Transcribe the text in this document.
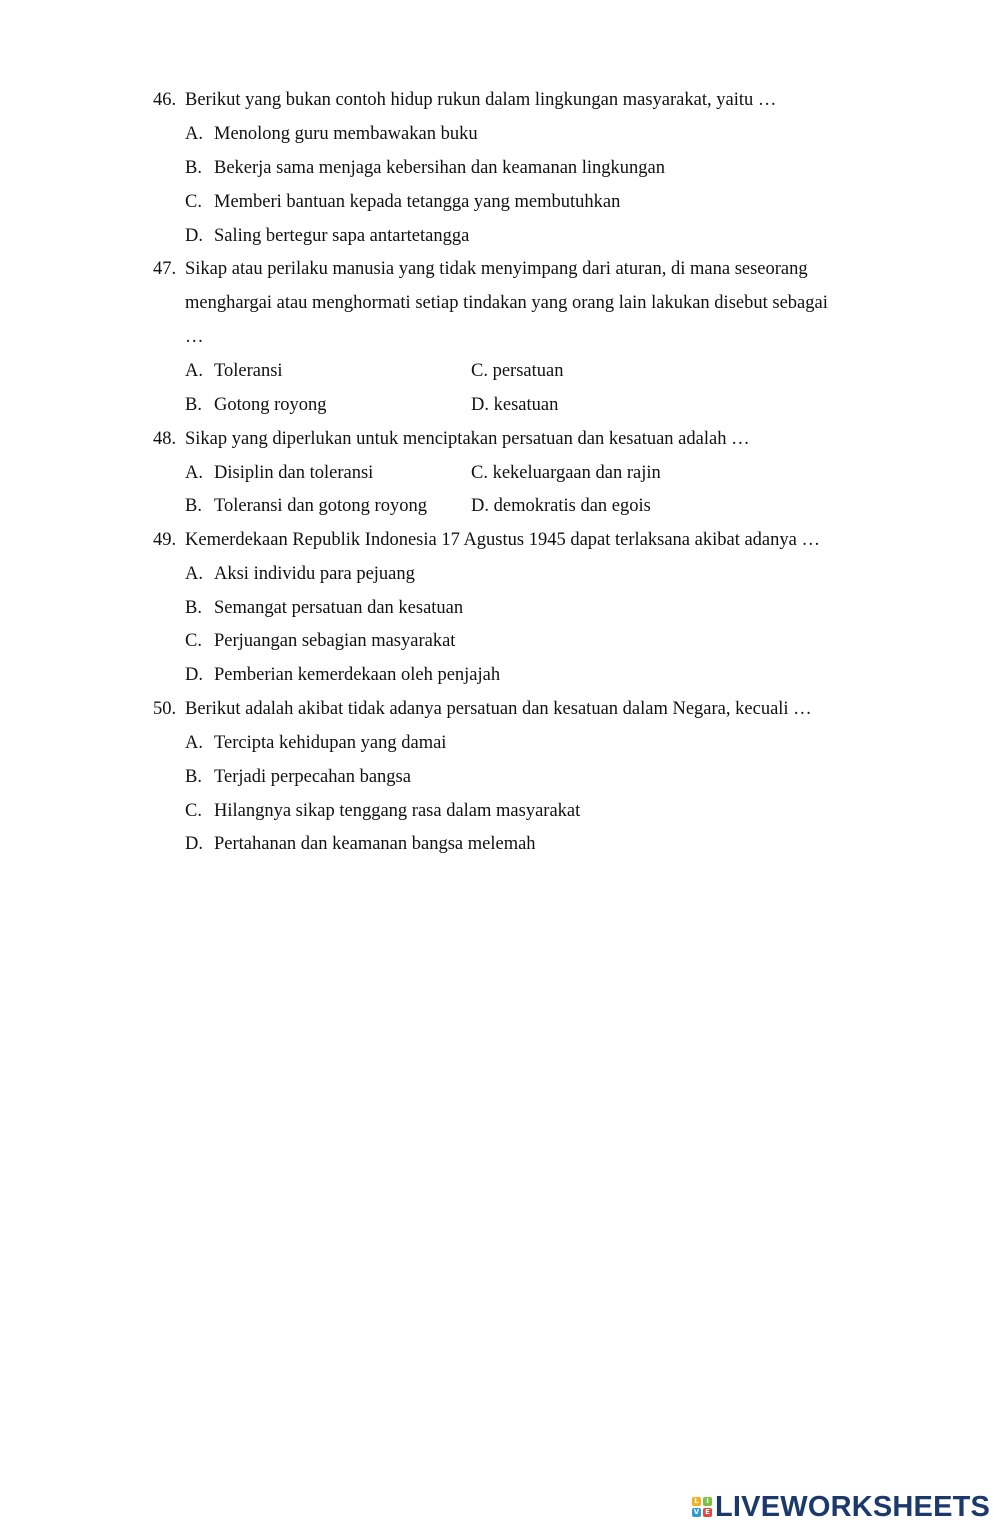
46. Berikut yang bukan contoh hidup rukun dalam lingkungan masyarakat, yaitu …
A. Menolong guru membawakan buku
B. Bekerja sama menjaga kebersihan dan keamanan lingkungan
C. Memberi bantuan kepada tetangga yang membutuhkan
D. Saling bertegur sapa antartetangga
47. Sikap atau perilaku manusia yang tidak menyimpang dari aturan, di mana seseorang
menghargai atau menghormati setiap tindakan yang orang lain lakukan disebut sebagai
…
A. Toleransi	C. persatuan
B. Gotong royong	D. kesatuan
48. Sikap yang diperlukan untuk menciptakan persatuan dan kesatuan adalah …
A. Disiplin dan toleransi	C. kekeluargaan dan rajin
B. Toleransi dan gotong royong D. demokratis dan egois
49. Kemerdekaan Republik Indonesia 17 Agustus 1945 dapat terlaksana akibat adanya …
A. Aksi individu para pejuang
B. Semangat persatuan dan kesatuan
C. Perjuangan sebagian masyarakat
D. Pemberian kemerdekaan oleh penjajah
50. Berikut adalah akibat tidak adanya persatuan dan kesatuan dalam Negara, kecuali …
A. Tercipta kehidupan yang damai
B. Terjadi perpecahan bangsa
C. Hilangnya sikap tenggang rasa dalam masyarakat
D. Pertahanan dan keamanan bangsa melemah
L	I
V E LIVEWORKSHEETS
